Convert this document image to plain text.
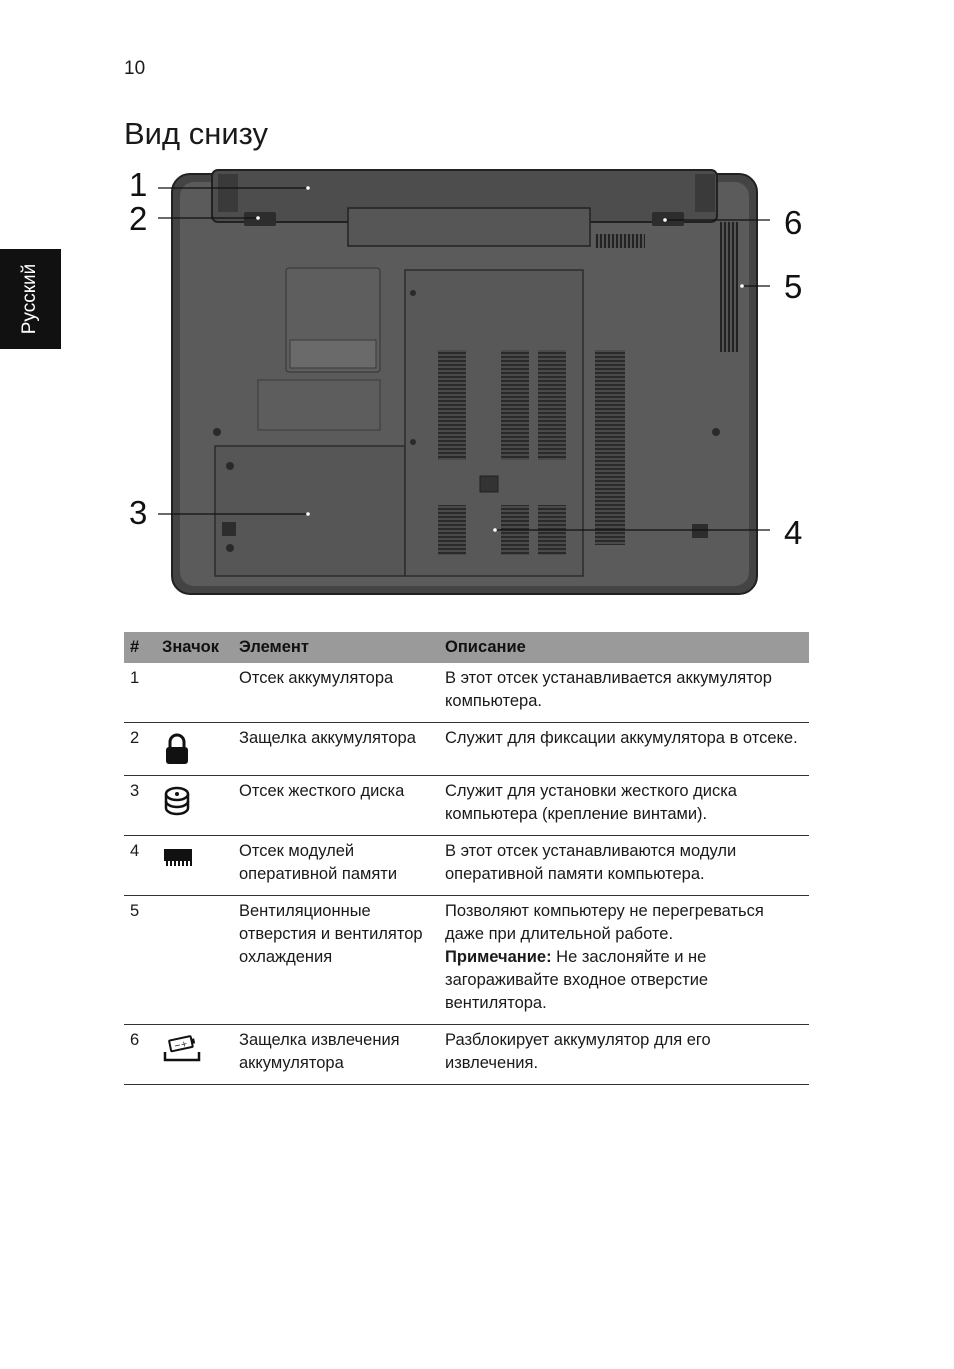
10
Вид снизу
Русский
1
2
3
4
5
6
#	Значок	Элемент	Описание
1		Отсек аккумулятора	В этот отсек устанавливается аккумулятор компьютера.
2		Защелка аккумулятора	Служит для фиксации аккумулятора в отсеке.
3		Отсек жесткого диска	Служит для установки жесткого диска компьютера (крепление винтами).
4		Отсек модулей оперативной памяти	В этот отсек устанавливаются модули оперативной памяти компьютера.
5		Вентиляционные отверстия и вентилятор охлаждения	Позволяют компьютеру не перегреваться даже при длительной работе.
Примечание: Не заслоняйте и не загораживайте входное отверстие вентилятора.
6	−+	Защелка извлечения аккумулятора	Разблокирует аккумулятор для его извлечения.
